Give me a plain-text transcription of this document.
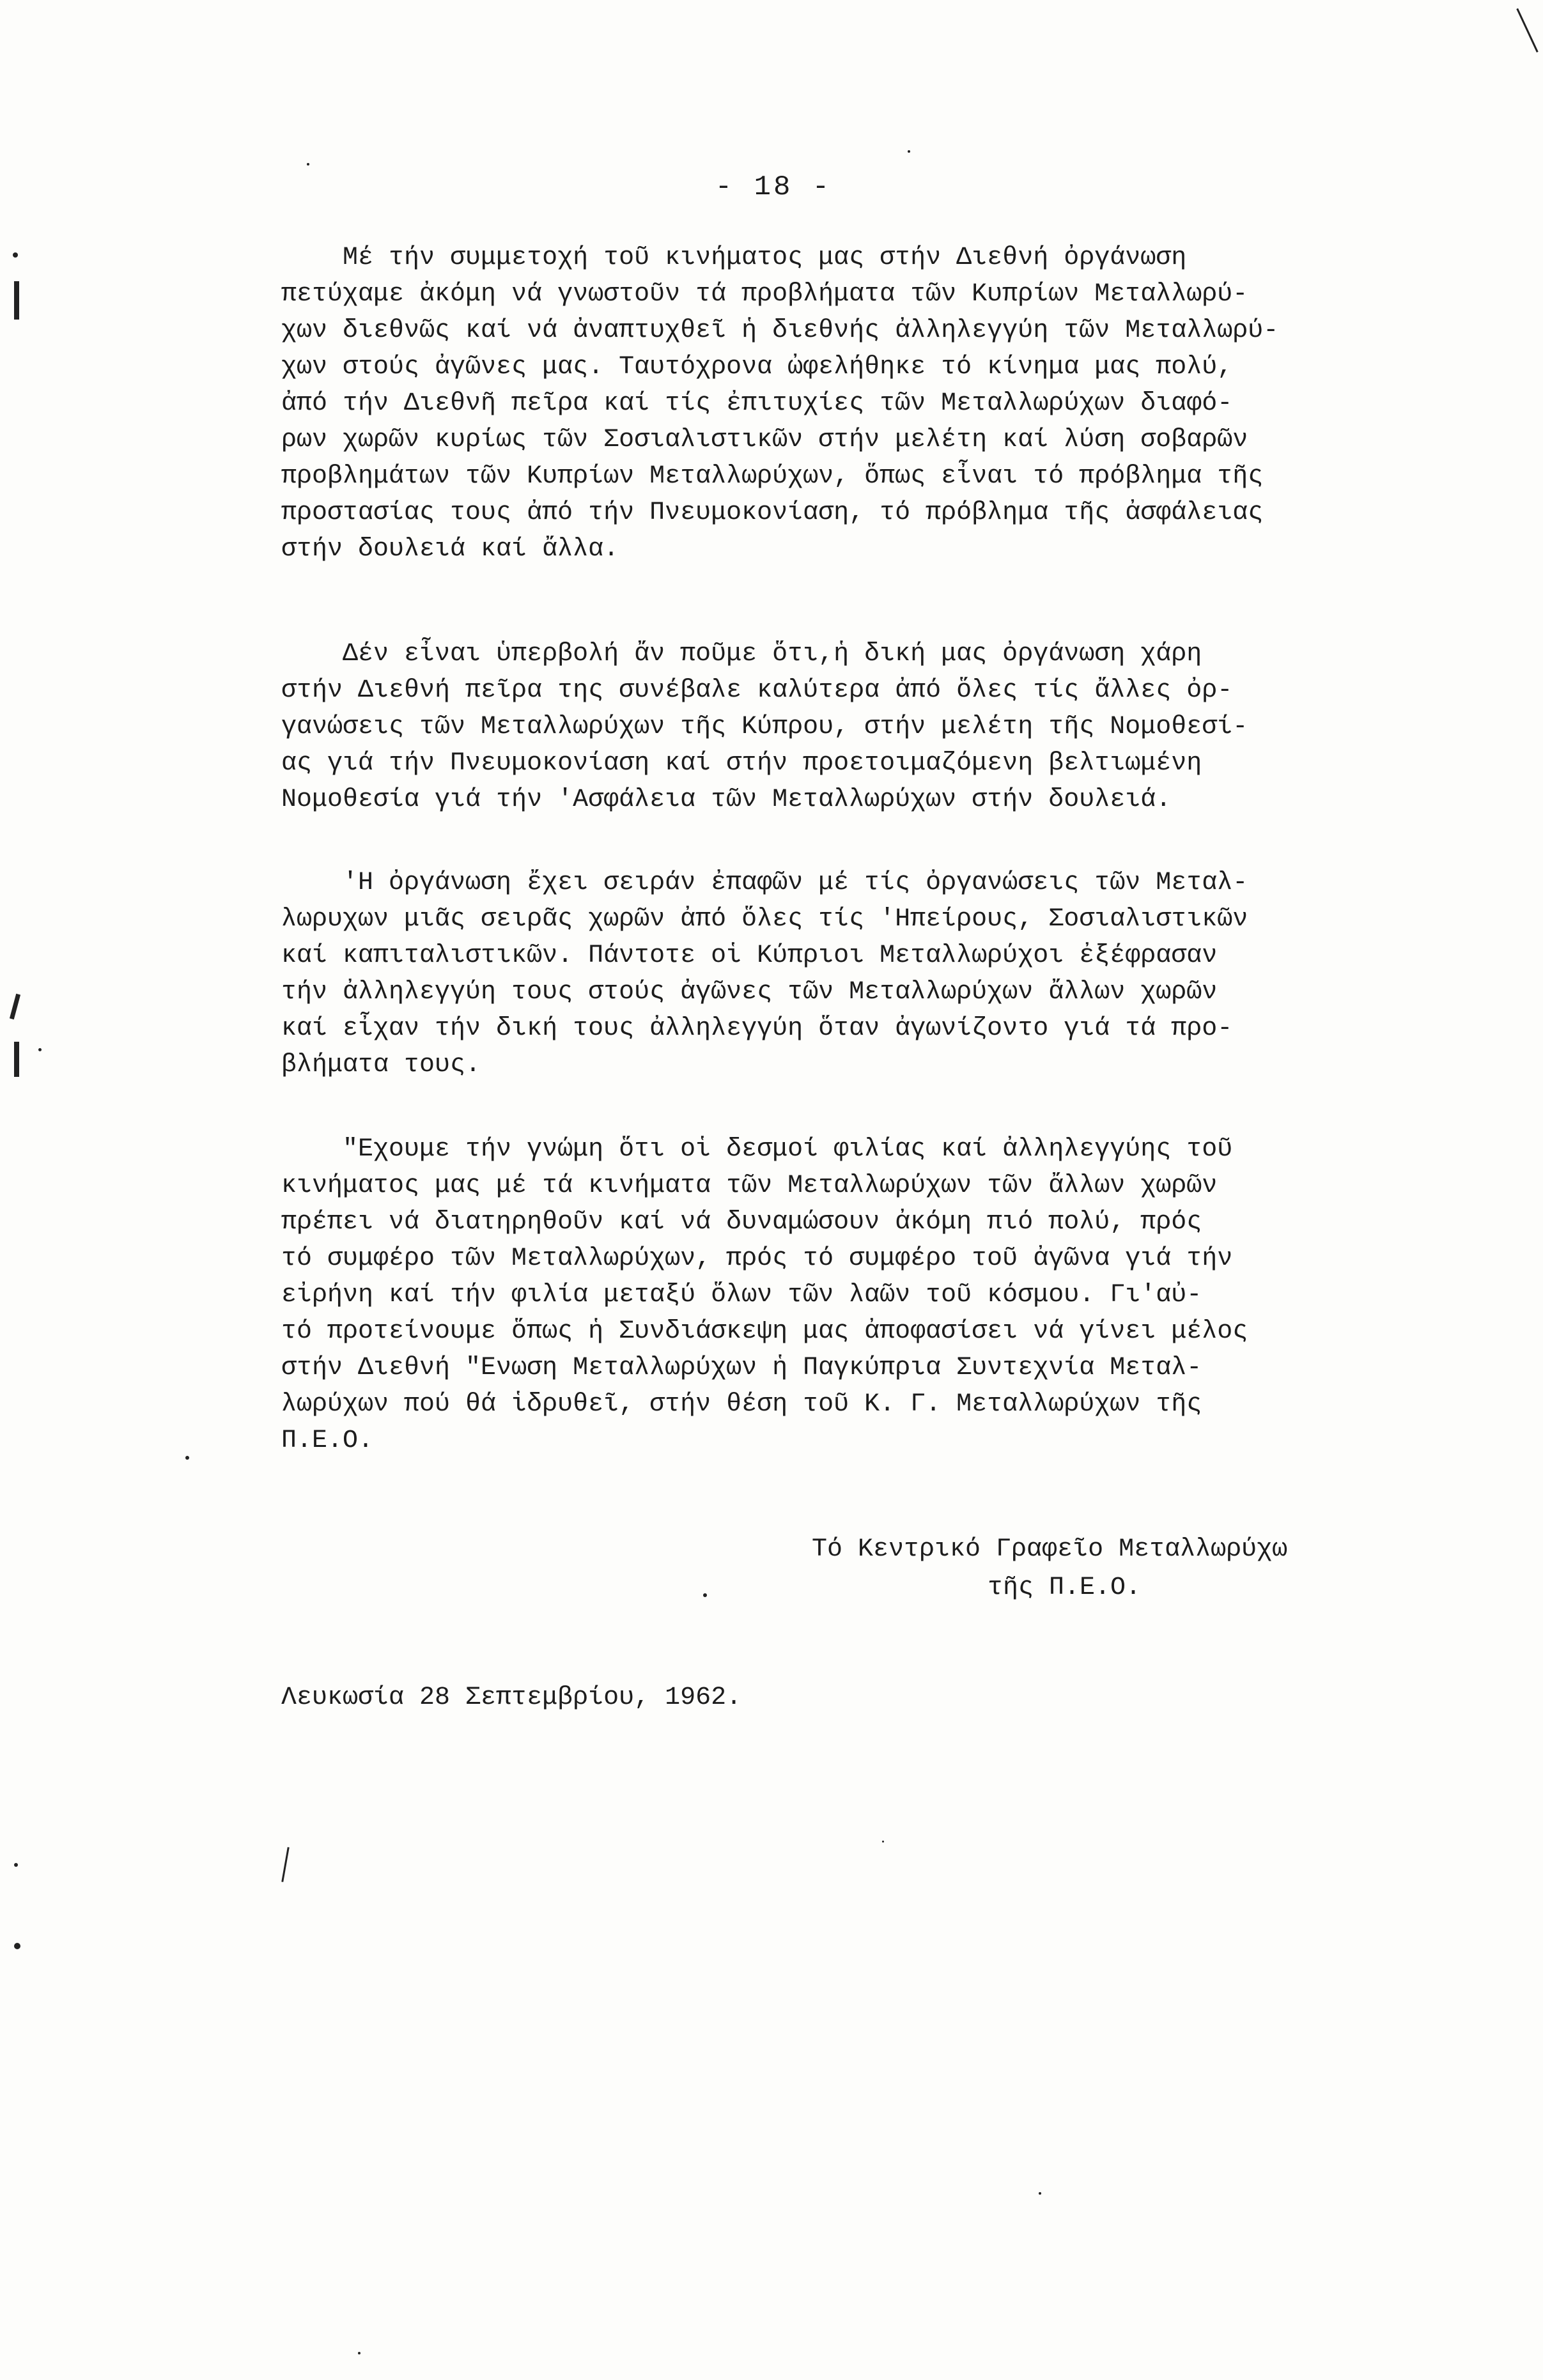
- 18 -
Μέ τήν συμμετοχή τοῦ κινήματος μας στήν Διεθνή ὀργάνωση
πετύχαμε ἀκόμη νά γνωστοῦν τά προβλήματα τῶν Κυπρίων Μεταλλωρύ-
χων διεθνῶς καί νά ἀναπτυχθεῖ ἡ διεθνής ἀλληλεγγύη τῶν Μεταλλωρύ-
χων στούς ἀγῶνες μας. Ταυτόχρονα ὠφελήθηκε τό κίνημα μας πολύ,
ἀπό τήν Διεθνῆ πεῖρα καί τίς ἐπιτυχίες τῶν Μεταλλωρύχων διαφό-
ρων χωρῶν κυρίως τῶν Σοσιαλιστικῶν στήν μελέτη καί λύση σοβαρῶν
προβλημάτων τῶν Κυπρίων Μεταλλωρύχων, ὅπως εἶναι τό πρόβλημα τῆς
προστασίας τους ἀπό τήν Πνευμοκονίαση, τό πρόβλημα τῆς ἀσφάλειας
στήν δουλειά καί ἄλλα.
Δέν εἶναι ὑπερβολή ἄν ποῦμε ὅτι,ἡ δική μας ὀργάνωση χάρη
στήν Διεθνή πεῖρα της συνέβαλε καλύτερα ἀπό ὅλες τίς ἄλλες ὀρ-
γανώσεις τῶν Μεταλλωρύχων τῆς Κύπρου, στήν μελέτη τῆς Νομοθεσί-
ας γιά τήν Πνευμοκονίαση καί στήν προετοιμαζόμενη βελτιωμένη
Νομοθεσία γιά τήν 'Ασφάλεια τῶν Μεταλλωρύχων στήν δουλειά.
'Η ὀργάνωση ἔχει σειράν ἐπαφῶν μέ τίς ὀργανώσεις τῶν Μεταλ-
λωρυχων μιᾶς σειρᾶς χωρῶν ἀπό ὅλες τίς 'Ηπείρους, Σοσιαλιστικῶν
καί καπιταλιστικῶν. Πάντοτε οἱ Κύπριοι Μεταλλωρύχοι ἐξέφρασαν
τήν ἀλληλεγγύη τους στούς ἀγῶνες τῶν Μεταλλωρύχων ἄλλων χωρῶν
καί εἶχαν τήν δική τους ἀλληλεγγύη ὅταν ἀγωνίζοντο γιά τά προ-
βλήματα τους.
"Εχουμε τήν γνώμη ὅτι οἱ δεσμοί φιλίας καί ἀλληλεγγύης τοῦ
κινήματος μας μέ τά κινήματα τῶν Μεταλλωρύχων τῶν ἄλλων χωρῶν
πρέπει νά διατηρηθοῦν καί νά δυναμώσουν ἀκόμη πιό πολύ, πρός
τό συμφέρο τῶν Μεταλλωρύχων, πρός τό συμφέρο τοῦ ἀγῶνα γιά τήν
εἰρήνη καί τήν φιλία μεταξύ ὅλων τῶν λαῶν τοῦ κόσμου. Γι'αὐ-
τό προτείνουμε ὅπως ἡ Συνδιάσκεψη μας ἀποφασίσει νά γίνει μέλος
στήν Διεθνή "Ενωση Μεταλλωρύχων ἡ Παγκύπρια Συντεχνία Μεταλ-
λωρύχων πού θά ἱδρυθεῖ, στήν θέση τοῦ Κ. Γ. Μεταλλωρύχων τῆς
Π.Ε.Ο.
Τό Κεντρικό Γραφεῖο Μεταλλωρύχω
τῆς Π.Ε.Ο.
Λευκωσία 28 Σεπτεμβρίου, 1962.
